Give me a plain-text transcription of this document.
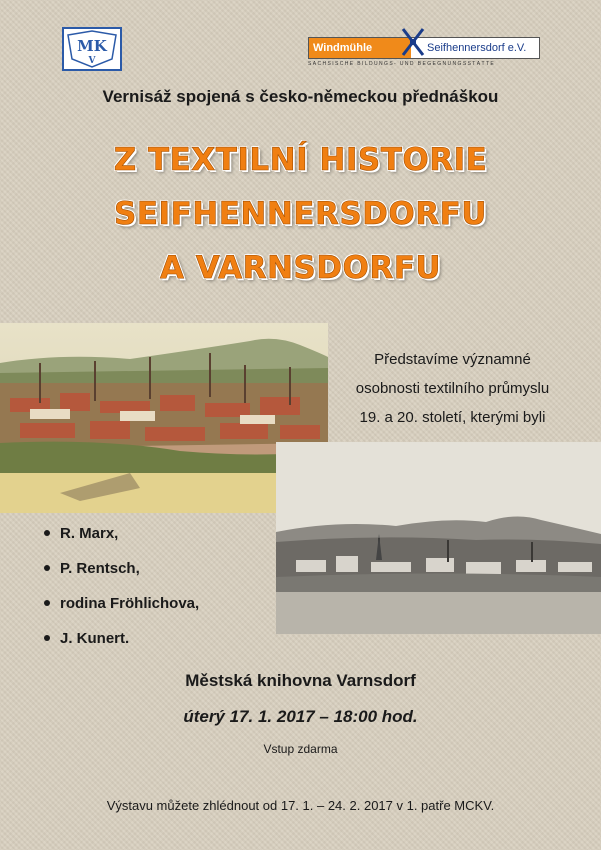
MK
V
Windmühle	Seifhennersdorf e.V.
SÄCHSISCHE BILDUNGS- UND BEGEGNUNGSSTÄTTE
Vernisáž spojená s česko-německou přednáškou
Z TEXTILNÍ HISTORIE
SEIFHENNERSDORFU
A VARNSDORFU
Představíme významné
osobnosti textilního průmyslu
19. a 20. století, kterými byli
R. Marx,
P. Rentsch,
rodina Fröhlichova,
J. Kunert.
Městská knihovna Varnsdorf
úterý 17. 1. 2017 – 18:00 hod.
Vstup zdarma
Výstavu můžete zhlédnout od 17. 1. – 24. 2. 2017 v 1. patře MCKV.
